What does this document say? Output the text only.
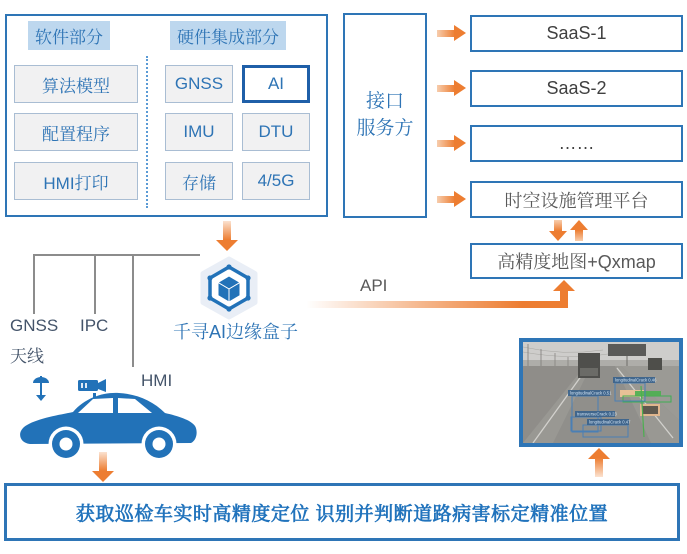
软件部分	硬件集成部分
算法模型
配置程序
HMI打印
GNSS	AI
IMU	DTU
存储	4/5G
接口
服务方
SaaS-1
SaaS-2
……
时空设施管理平台
高精度地图+Qxmap
千寻AI边缘盒子
API
GNSS
天线
IPC
HMI
获取巡检车实时高精度定位 识别并判断道路病害标定精准位置
longitudinalCrack 0.51
longitudinalCrack 0.46
transverseCrack 0.23
longitudinalCrack 0.47
